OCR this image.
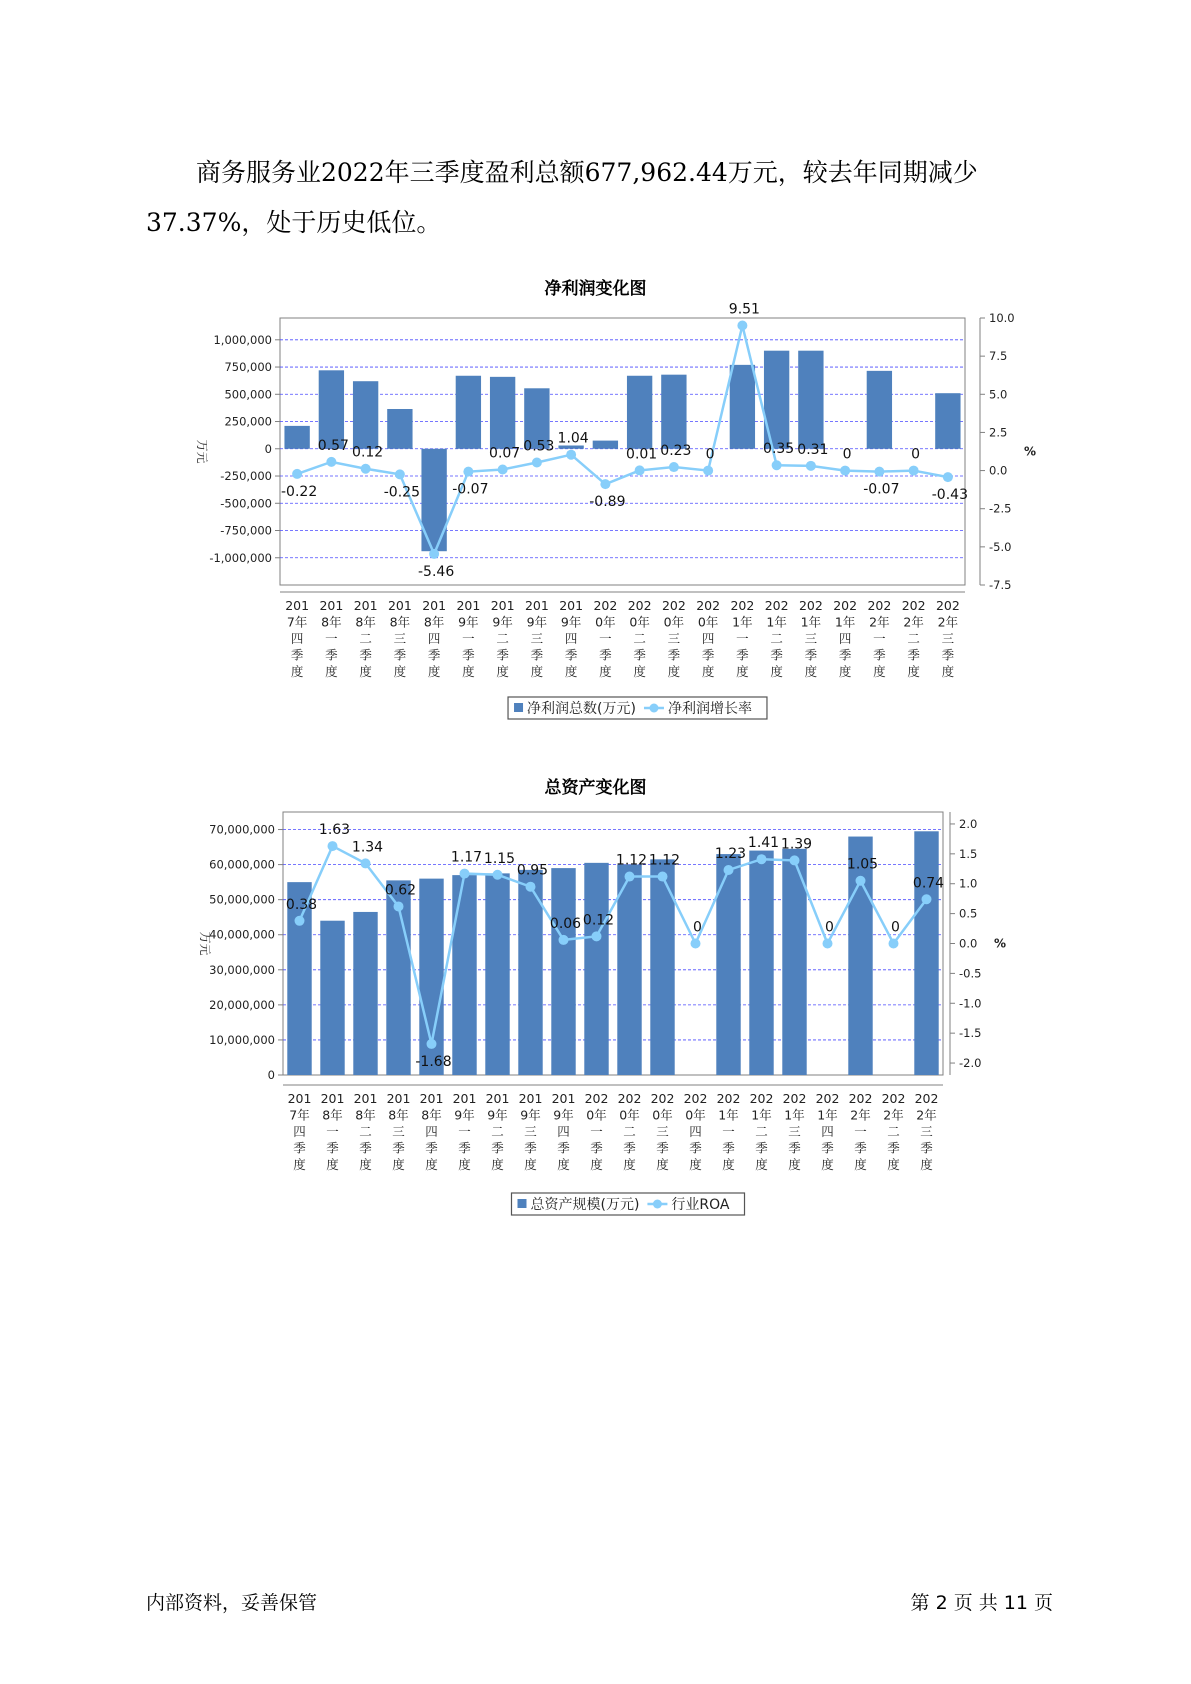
商务服务业2022年三季度盈利总额677,962.44万元，较去年同期减少37.37%，处于历史低位。

净利润变化图
1,000,000
750,000
500,000
250,000
0
-250,000
-500,000
-750,000
-1,000,000
10.0
7.5
5.0
2.5
0.0
-2.5
-5.0
-7.5
万元	%
-0.22
0.57 0.12
-0.25
-5.46
-0.07
0.07 0.53 1.04
-0.89
0.01 0.23 0
9.51
0.35 0.31 0
-0.07
0
-0.43
201 7年四季度
201 8年一季度
201 8年二季度
201 8年三季度
201 8年四季度
201 9年一季度
201 9年二季度
201 9年三季度
201 9年四季度
202 0年一季度
202 0年二季度
202 0年三季度
202 0年四季度
202 1年一季度
202 1年二季度
202 1年三季度
202 1年四季度
202 2年一季度
202 2年二季度
202 2年三季度
净利润总数(万元) 净利润增长率
总资产变化图
70,000,000
60,000,000
50,000,000
40,000,000
30,000,000
20,000,000
10,000,000
0
2.0
1.5
1.0
0.5
0.0
-0.5
-1.0
-1.5
-2.0
万元	%
0.38
1.63
1.34
0.62
-1.68
1.17 1.15
0.95
0.06 0.12
1.12 1.12
0
1.23
1.41 1.39
0
1.05
0
0.74
201 7年四季度
201 8年一季度
201 8年二季度
201 8年三季度
201 8年四季度
201 9年一季度
201 9年二季度
201 9年三季度
201 9年四季度
202 0年一季度
202 0年二季度
202 0年三季度
202 0年四季度
202 1年一季度
202 1年二季度
202 1年三季度
202 1年四季度
202 2年一季度
202 2年二季度
202 2年三季度
总资产规模(万元) 行业ROA
内部资料，妥善保管	第 2 页 共 11 页
